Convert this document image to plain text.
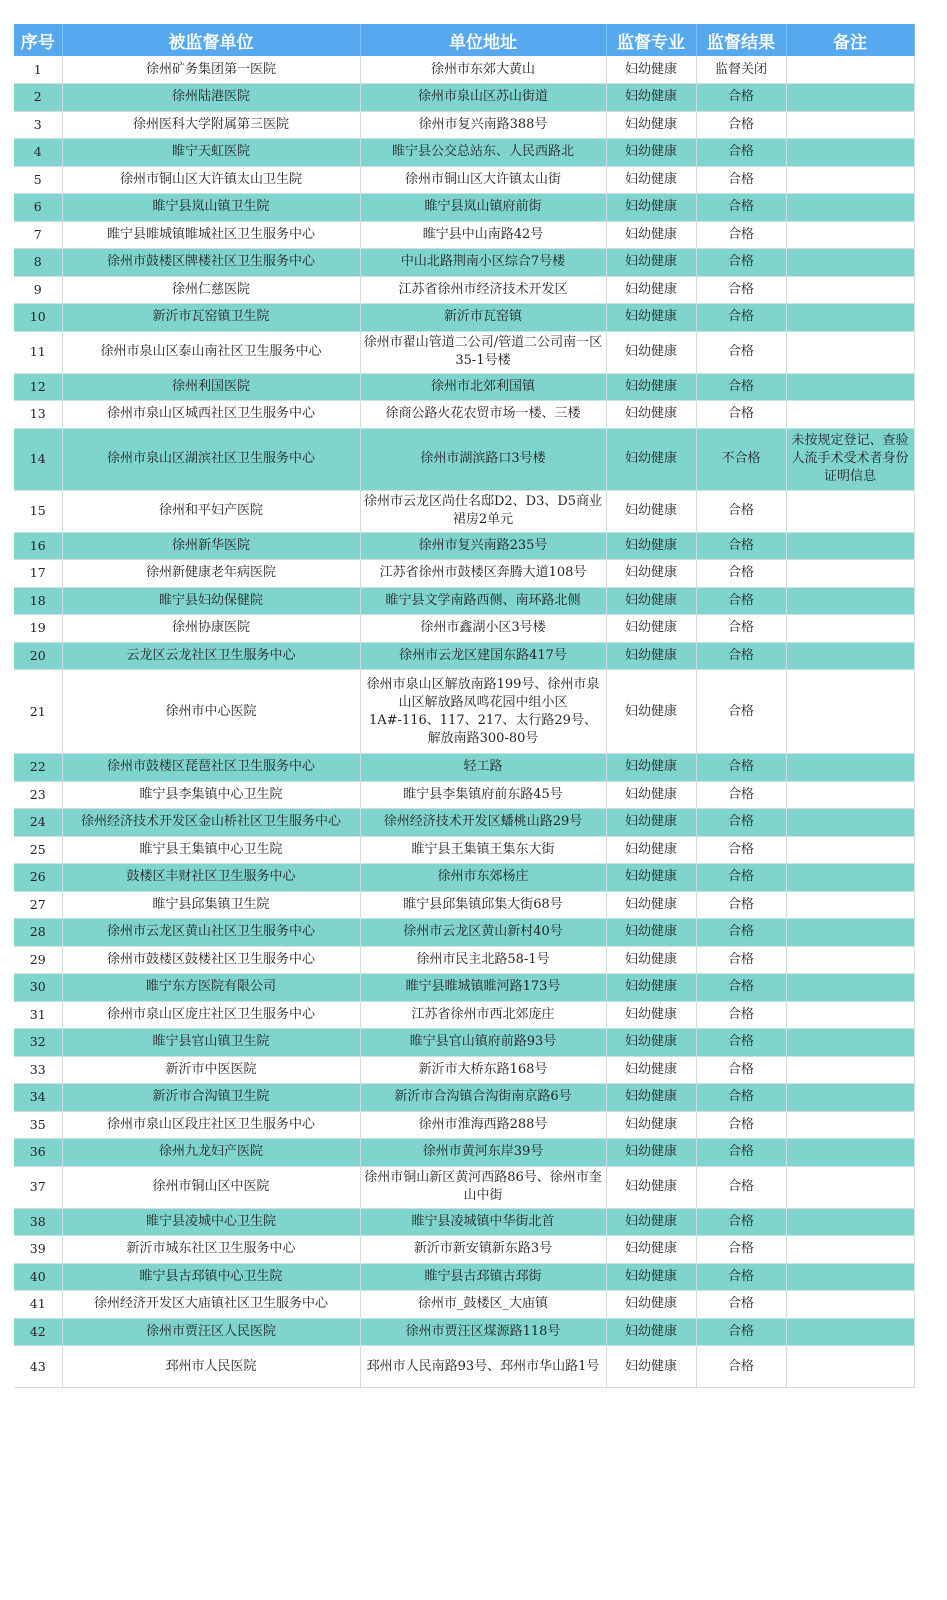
序号	被监督单位	单位地址	监督专业	监督结果	备注
1	徐州矿务集团第一医院	徐州市东郊大黄山	妇幼健康	监督关闭	
2	徐州陆港医院	徐州市泉山区苏山街道	妇幼健康	合格	
3	徐州医科大学附属第三医院	徐州市复兴南路388号	妇幼健康	合格	
4	睢宁天虹医院	睢宁县公交总站东、人民西路北	妇幼健康	合格	
5	徐州市铜山区大许镇太山卫生院	徐州市铜山区大许镇太山街	妇幼健康	合格	
6	睢宁县岚山镇卫生院	睢宁县岚山镇府前街	妇幼健康	合格	
7	睢宁县睢城镇睢城社区卫生服务中心	睢宁县中山南路42号	妇幼健康	合格	
8	徐州市鼓楼区牌楼社区卫生服务中心	中山北路荆南小区综合7号楼	妇幼健康	合格	
9	徐州仁慈医院	江苏省徐州市经济技术开发区	妇幼健康	合格	
10	新沂市瓦窑镇卫生院	新沂市瓦窑镇	妇幼健康	合格	
11	徐州市泉山区泰山南社区卫生服务中心	徐州市翟山管道二公司/管道二公司南一区35-1号楼	妇幼健康	合格	
12	徐州利国医院	徐州市北郊利国镇	妇幼健康	合格	
13	徐州市泉山区城西社区卫生服务中心	徐商公路火花农贸市场一楼、三楼	妇幼健康	合格	
14	徐州市泉山区湖滨社区卫生服务中心	徐州市湖滨路口3号楼	妇幼健康	不合格	未按规定登记、查验人流手术受术者身份证明信息
15	徐州和平妇产医院	徐州市云龙区尚仕名邸D2、D3、D5商业裙房2单元	妇幼健康	合格	
16	徐州新华医院	徐州市复兴南路235号	妇幼健康	合格	
17	徐州新健康老年病医院	江苏省徐州市鼓楼区奔腾大道108号	妇幼健康	合格	
18	睢宁县妇幼保健院	睢宁县文学南路西侧、南环路北侧	妇幼健康	合格	
19	徐州协康医院	徐州市鑫湖小区3号楼	妇幼健康	合格	
20	云龙区云龙社区卫生服务中心	徐州市云龙区建国东路417号	妇幼健康	合格	
21	徐州市中心医院	徐州市泉山区解放南路199号、徐州市泉山区解放路凤鸣花园中组小区1A#-116、117、217、太行路29号、解放南路300-80号	妇幼健康	合格	
22	徐州市鼓楼区琵琶社区卫生服务中心	轻工路	妇幼健康	合格	
23	睢宁县李集镇中心卫生院	睢宁县李集镇府前东路45号	妇幼健康	合格	
24	徐州经济技术开发区金山桥社区卫生服务中心	徐州经济技术开发区蟠桃山路29号	妇幼健康	合格	
25	睢宁县王集镇中心卫生院	睢宁县王集镇王集东大街	妇幼健康	合格	
26	鼓楼区丰财社区卫生服务中心	徐州市东郊杨庄	妇幼健康	合格	
27	睢宁县邱集镇卫生院	睢宁县邱集镇邱集大街68号	妇幼健康	合格	
28	徐州市云龙区黄山社区卫生服务中心	徐州市云龙区黄山新村40号	妇幼健康	合格	
29	徐州市鼓楼区鼓楼社区卫生服务中心	徐州市民主北路58-1号	妇幼健康	合格	
30	睢宁东方医院有限公司	睢宁县睢城镇睢河路173号	妇幼健康	合格	
31	徐州市泉山区庞庄社区卫生服务中心	江苏省徐州市西北郊庞庄	妇幼健康	合格	
32	睢宁县官山镇卫生院	睢宁县官山镇府前路93号	妇幼健康	合格	
33	新沂市中医医院	新沂市大桥东路168号	妇幼健康	合格	
34	新沂市合沟镇卫生院	新沂市合沟镇合沟街南京路6号	妇幼健康	合格	
35	徐州市泉山区段庄社区卫生服务中心	徐州市淮海西路288号	妇幼健康	合格	
36	徐州九龙妇产医院	徐州市黄河东岸39号	妇幼健康	合格	
37	徐州市铜山区中医院	徐州市铜山新区黄河西路86号、徐州市奎山中街	妇幼健康	合格	
38	睢宁县凌城中心卫生院	睢宁县凌城镇中华街北首	妇幼健康	合格	
39	新沂市城东社区卫生服务中心	新沂市新安镇新东路3号	妇幼健康	合格	
40	睢宁县古邳镇中心卫生院	睢宁县古邳镇古邳街	妇幼健康	合格	
41	徐州经济开发区大庙镇社区卫生服务中心	徐州市_鼓楼区_大庙镇	妇幼健康	合格	
42	徐州市贾汪区人民医院	徐州市贾汪区煤源路118号	妇幼健康	合格	
43	邳州市人民医院	邳州市人民南路93号、邳州市华山路1号	妇幼健康	合格	
